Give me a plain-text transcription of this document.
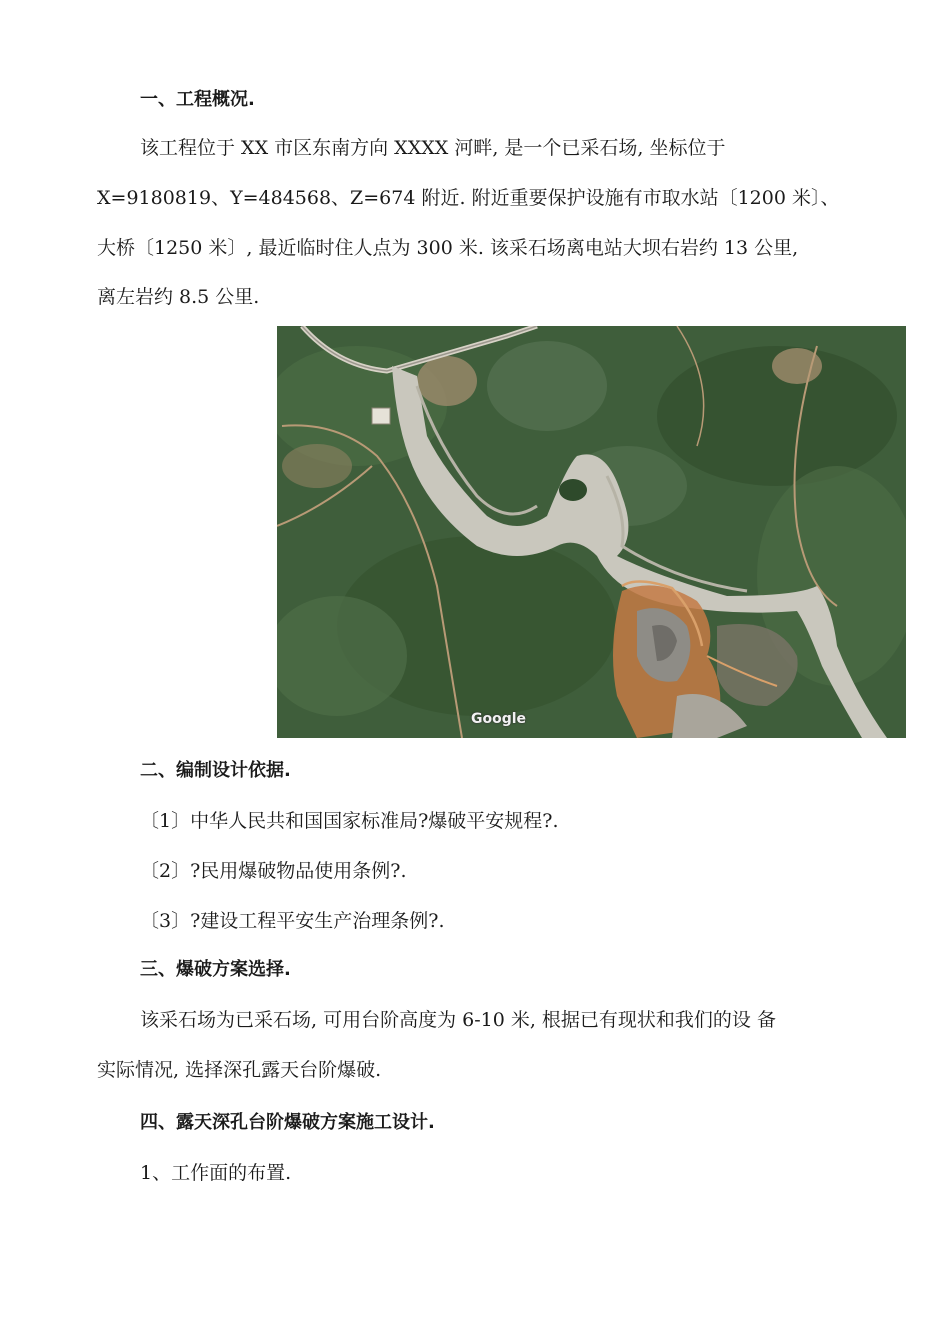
一、工程概况.
该工程位于 XX 市区东南方向 XXXX 河畔, 是一个已采石场, 坐标位于
X=9180819、Y=484568、Z=674 附近. 附近重要保护设施有市取水站〔1200 米〕、
大桥〔1250 米〕, 最近临时住人点为 300 米. 该采石场离电站大坝右岩约 13 公里,
离左岩约 8.5 公里.
Google
二、编制设计依据.
〔1〕中华人民共和国国家标准局?爆破平安规程?.
〔2〕?民用爆破物品使用条例?.
〔3〕?建设工程平安生产治理条例?.
三、爆破方案选择.
该采石场为已采石场, 可用台阶高度为 6-10 米, 根据已有现状和我们的设 备
实际情况, 选择深孔露天台阶爆破.
四、露天深孔台阶爆破方案施工设计.
1、工作面的布置.
